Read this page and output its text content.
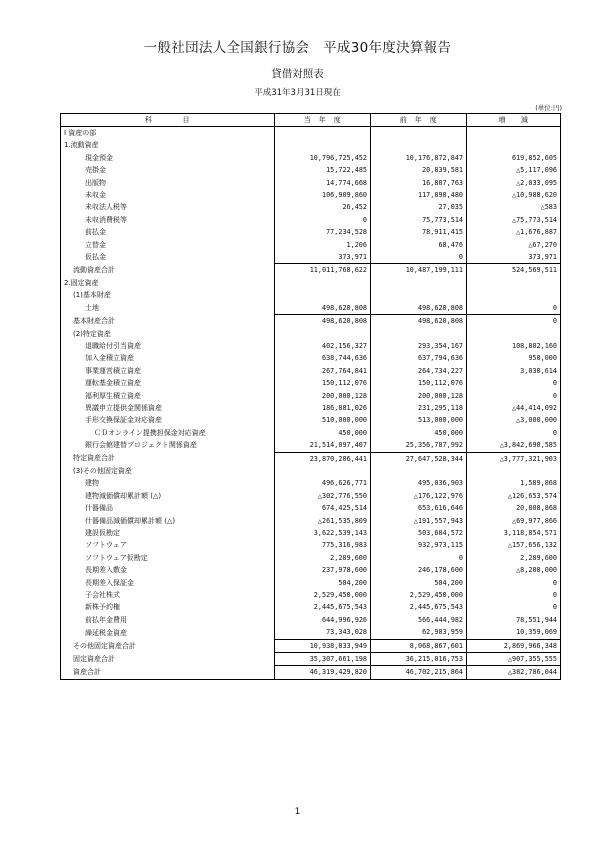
一般社団法人全国銀行協会　平成30年度決算報告
貸借対照表
平成31年3月31日現在
(単位:円)
科　　　　目	当　年　度	前　年　度	増　　減
Ⅰ 資産の部			
1.流動資産			
現金預金	10,796,725,452	10,176,872,847	619,852,605
売掛金	15,722,485	20,839,581	△5,117,096
出版物	14,774,668	16,807,763	△2,033,095
未収金	106,909,860	117,898,480	△10,988,620
未収法人税等	26,452	27,035	△583
未収消費税等	0	75,773,514	△75,773,514
前払金	77,234,528	78,911,415	△1,676,887
立替金	1,206	68,476	△67,270
仮払金	373,971	0	373,971
流動資産合計	11,011,768,622	10,487,199,111	524,569,511
2.固定資産			
(1)基本財産			
土地	498,620,808	498,620,808	0
基本財産合計	498,620,808	498,620,808	0
(2)特定資産			
退職給付引当資産	402,156,327	293,354,167	108,802,160
加入金積立資産	638,744,636	637,794,636	950,000
事業運営積立資産	267,764,841	264,734,227	3,030,614
運転基金積立資産	150,112,076	150,112,076	0
福利厚生積立資産	200,000,128	200,000,128	0
異議申立提供金関係資産	186,881,026	231,295,118	△44,414,092
手形交換保証金対応資産	510,000,000	513,000,000	△3,000,000
ＣＤオンライン提携担保金対応資産	450,000	450,000	0
銀行会館建替プロジェクト関係資産	21,514,097,407	25,356,787,992	△3,842,690,585
特定資産合計	23,870,206,441	27,647,528,344	△3,777,321,903
(3)その他固定資産			
建物	496,626,771	495,036,903	1,589,868
建物減価償却累計額 (△)	△302,776,550	△176,122,976	△126,653,574
什器備品	674,425,514	653,616,646	20,808,868
什器備品減価償却累計額 (△)	△261,535,809	△191,557,943	△69,977,866
建設仮勘定	3,622,539,143	503,684,572	3,118,854,571
ソフトウェア	775,316,983	932,973,115	△157,656,132
ソフトウェア仮勘定	2,289,600	0	2,289,600
長期差入敷金	237,978,600	246,178,600	△8,200,000
長期差入保証金	504,200	504,200	0
子会社株式	2,529,450,000	2,529,450,000	0
新株予約権	2,445,675,543	2,445,675,543	0
前払年金費用	644,996,926	566,444,982	78,551,944
繰延税金資産	73,343,028	62,983,959	10,359,069
その他固定資産合計	10,938,833,949	8,068,867,601	2,869,966,348
固定資産合計	35,307,661,198	36,215,016,753	△907,355,555
資産合計	46,319,429,820	46,702,215,864	△382,786,044
1
